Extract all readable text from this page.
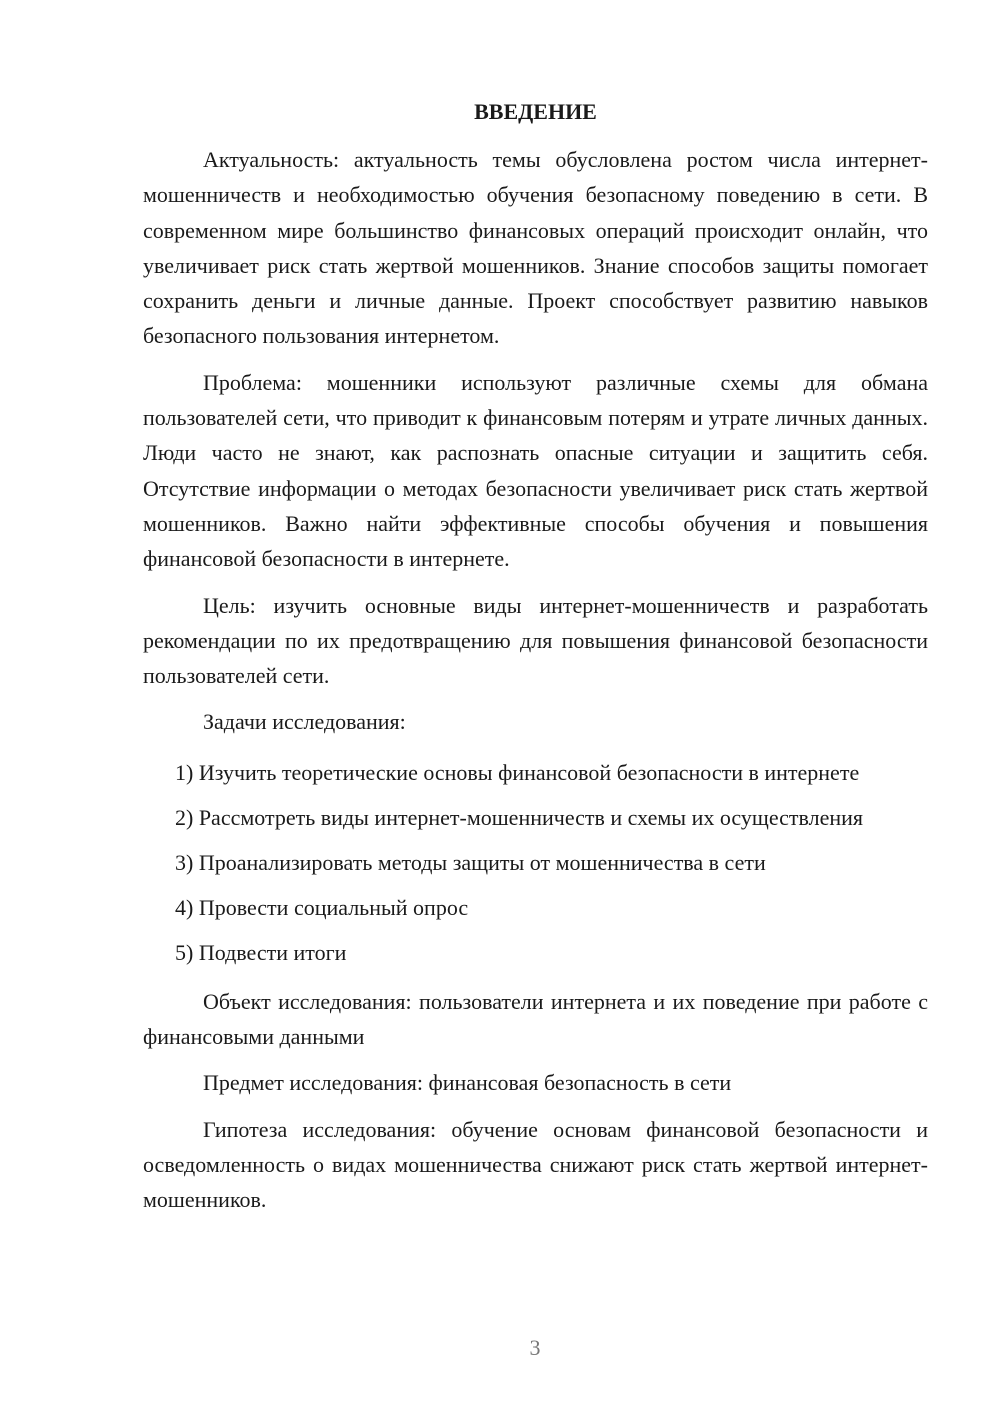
ВВЕДЕНИЕ

Актуальность: актуальность темы обусловлена ростом числа интернет-мошенничеств и необходимостью обучения безопасному поведению в сети. В современном мире большинство финансовых операций происходит онлайн, что увеличивает риск стать жертвой мошенников. Знание способов защиты помогает сохранить деньги и личные данные. Проект способствует развитию навыков безопасного пользования интернетом.

Проблема: мошенники используют различные схемы для обмана пользователей сети, что приводит к финансовым потерям и утрате личных данных. Люди часто не знают, как распознать опасные ситуации и защитить себя. Отсутствие информации о методах безопасности увеличивает риск стать жертвой мошенников. Важно найти эффективные способы обучения и повышения финансовой безопасности в интернете.

Цель: изучить основные виды интернет-мошенничеств и разработать рекомендации по их предотвращению для повышения финансовой безопасности пользователей сети.

Задачи исследования:

1) Изучить теоретические основы финансовой безопасности в интернете

2) Рассмотреть виды интернет-мошенничеств и схемы их осуществления

3) Проанализировать методы защиты от мошенничества в сети

4) Провести социальный опрос

5) Подвести итоги

Объект исследования: пользователи интернета и их поведение при работе с финансовыми данными

Предмет исследования: финансовая безопасность в сети

Гипотеза исследования: обучение основам финансовой безопасности и осведомленность о видах мошенничества снижают риск стать жертвой интернет-мошенников.

3
